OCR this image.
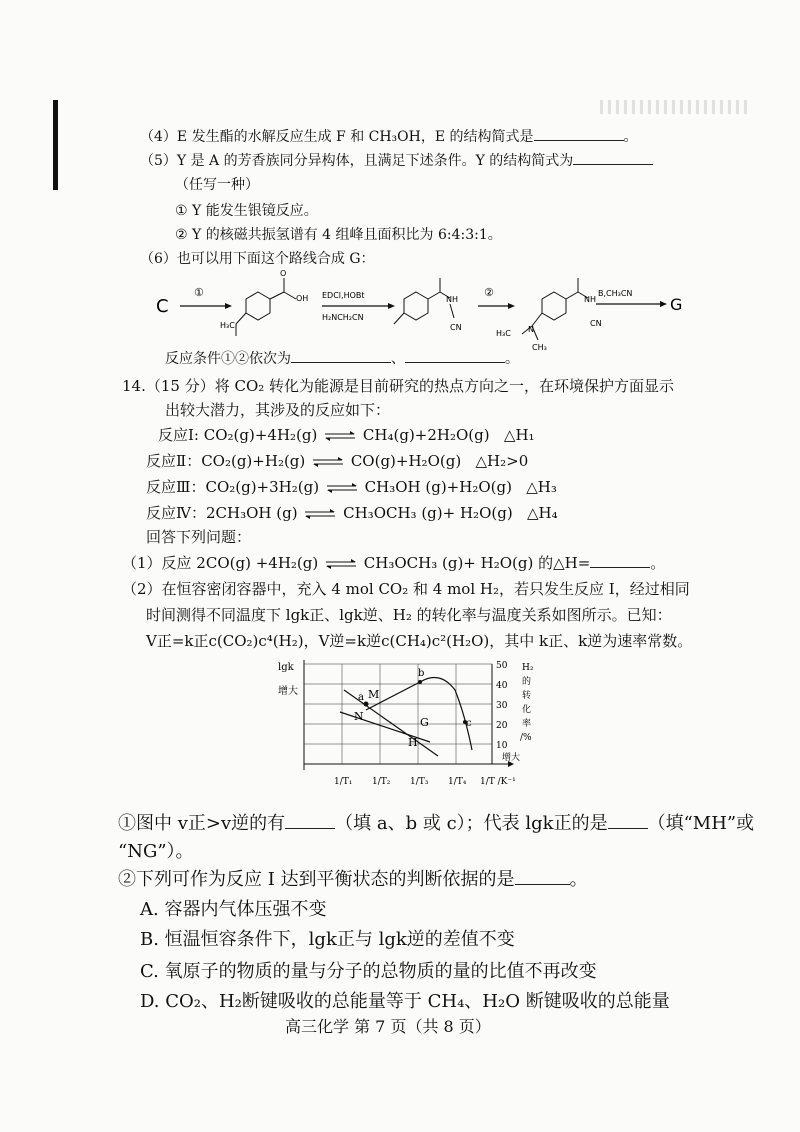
（4）E 发生酯的水解反应生成 F 和 CH₃OH，E 的结构简式是	。
（5）Y 是 A 的芳香族同分异构体，且满足下述条件。Y 的结构简式为
（任写一种）
① Y 能发生银镜反应。
② Y 的核磁共振氢谱有 4 组峰且面积比为 6:4:3:1。
（6）也可以用下面这个路线合成 G：
C
①
O
OH
H₃C
EDCl,HOBt
H₂NCH₂CN
NH
CN
②
NH
CN
H₃C N
CH₃
B,CH₃CN
G
反应条件①②依次为	、	。
14.（15 分）将 CO₂ 转化为能源是目前研究的热点方向之一，在环境保护方面显示
出较大潜力，其涉及的反应如下：
反应Ⅰ: CO₂(g)+4H₂(g) ⇌ CH₄(g)+2H₂O(g) △H₁
反应Ⅱ：CO₂(g)+H₂(g) ⇌ CO(g)+H₂O(g) △H₂>0
反应Ⅲ：CO₂(g)+3H₂(g) ⇌ CH₃OH (g)+H₂O(g) △H₃
反应Ⅳ：2CH₃OH (g) ⇌ CH₃OCH₃ (g)+ H₂O(g) △H₄
回答下列问题：
（1）反应 2CO(g) +4H₂(g) ⇌ CH₃OCH₃ (g)+ H₂O(g) 的△H=	。
（2）在恒容密闭容器中，充入 4 mol CO₂ 和 4 mol H₂，若只发生反应 I，经过相同
时间测得不同温度下 lgk正、lgk逆、H₂ 的转化率与温度关系如图所示。已知：
V正=k正c(CO₂)c⁴(H₂)，V逆=k逆c(CH₄)c²(H₂O)，其中 k正、k逆为速率常数。
lgk
增大
50
40
30
20
10
H₂
的
转
化
率
/%
1/T₁ 1/T₂ 1/T₃ 1/T₄ 1/T /K⁻¹
增大
a M
N
b
G	c
H
①图中 v正>v逆的有	（填 a、b 或 c）；代表 lgk正的是 （填“MH”或
“NG”）。
②下列可作为反应 I 达到平衡状态的判断依据的是	。
A. 容器内气体压强不变
B. 恒温恒容条件下，lgk正与 lgk逆的差值不变
C. 氧原子的物质的量与分子的总物质的量的比值不再改变
D. CO₂、H₂断键吸收的总能量等于 CH₄、H₂O 断键吸收的总能量
高三化学 第 7 页（共 8 页）
